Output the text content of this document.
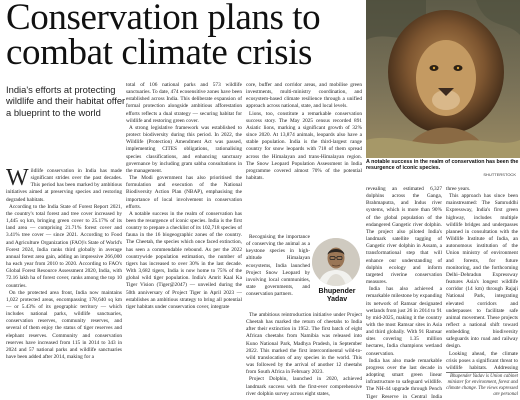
Conservation plans to
combat climate crisis
India's efforts at protecting wildlife and their habitat offer a blueprint to the world
W ildlife conservation in India has made significant strides over the past decades. This period has been marked by ambitious initiatives aimed at preserving species and restoring degraded habitats.

According to the India State of Forest Report 2021, the country's total forest and tree cover increased by 1,445 sq km, bringing green cover to 25.17% of its land area — comprising 21.71% forest cover and 3.41% tree cover — since 2021. According to Food and Agriculture Organization (FAO)'s State of World's Forest 2024, India ranks third globally in average annual forest area gain, adding an impressive 266,000 ha each year from 2010 to 2020. According to FAO's Global Forest Resource Assessment 2020, India, with 72.16 lakh ha of forest cover, ranks among the top 10 countries.

On the protected area front, India now maintains 1,022 protected areas, encompassing 178,640 sq km — or 5.43% of its geographic territory — which includes national parks, wildlife sanctuaries, conservation reserves, community reserves, and several of them enjoy the status of tiger reserves and elephant reserves. Community and conservation reserves have increased from 115 in 2014 to 343 in 2024 and 57 national parks and wildlife sanctuaries have been added after 2014, making for a

total of 106 national parks and 573 wildlife sanctuaries. To date, 474 ecosensitive zones have been established across India. This deliberate expansion of formal protection alongside ambitious afforestation efforts reflects a dual strategy — securing habitat for wildlife and restoring green cover.

A strong legislative framework was established to protect biodiversity during this period. In 2022, the Wildlife (Protection) Amendment Act was passed, implementing CITES obligations, rationalising species classifications, and enhancing sanctuary governance by including gram sabha consultations in the management.

The Modi government has also prioritised the formulation and execution of the National Biodiversity Action Plan (NBAP), emphasising the importance of local involvement in conservation efforts.

A notable success in the realm of conservation has been the resurgence of iconic species. India is the first country to prepare a checklist of its 102,718 species of fauna in the 16 biogeographic zones of the country. The Cheetah, the species which once faced extinction, has seen a commendable rebound. As per the 2022 countrywide population estimation, the number of tigers has increased to over 30% in the last decade. With 3,682 tigers, India is now home to 75% of the global wild tiger population. India's Amrit Kaal Ka Tiger Vision (Tiger@2047) — unveiled during the 50th anniversary of Project Tiger in April 2023 — establishes an ambitious strategy to bring all potential tiger habitats under conservation cover, integrate

core, buffer and corridor areas, and mobilise green investments, multi-ministry coordination, and ecosystem-based climate resilience through a unified approach across national, state, and local levels.

Lions, too, constitute a remarkable conservation success story. The May 2025 census recorded 891 Asiatic lions, marking a significant growth of 32% since 2020. At 13,874 animals, leopards also have a stable population. India is the third-largest range country for snow leopards with 718 of them spread across the Himalayan and trans-Himalayan region. The Snow Leopard Population Assessment in India programme covered almost 70% of the potential habitats.

Recognising the importance of conserving the animal as a keystone species in high-altitude Himalayan ecosystems, India launched Project Snow Leopard by involving local communities, state governments, and conservation partners.	Bhupender
Yadav

The ambitious reintroduction initiative under Project Cheetah has marked the return of cheetahs to India after their extinction in 1952. The first batch of eight African cheetahs from Namibia was released into Kuno National Park, Madhya Pradesh, in September 2022. This marked the first intercontinental wild-to-wild translocation of any species in the world. This was followed by the arrival of another 12 cheetahs from South Africa in February 2023.

Project Dolphin, launched in 2020, achieved landmark success with the first-ever comprehensive river dolphin survey across eight states,

A notable success in the realm of conservation has been the resurgence of iconic species.
SHUTTERSTOCK

revealing an estimated 6,327 dolphins across the Ganga, Brahmaputra, and Indus river systems, which is more than 90% of the global population of the endangered Gangetic river dolphin. The project also piloted India's landmark satellite tagging of Gangetic river dolphin in Assam, a transformational step that will enhance our understanding of dolphin ecology and inform targeted riverine conservation measures.

India has also achieved a remarkable milestone by expanding its network of Ramsar designated wetlands from just 26 in 2014 to 91 by mid-2025, making it the country with the most Ramsar sites in Asia and third globally. With 91 Ramsar sites covering 1.35 million hectares, India champions wetland conservation.

India has also made remarkable progress over the last decade in adopting smart green linear infrastructure to safeguard wildlife. The NH-44 upgrade through Pench Tiger Reserve in Central India

three years.

This approach has since been mainstreamed: The Samruddhi Expressway, India's first green highway, includes multiple wildlife bridges and underpasses planned in consultation with the Wildlife Institute of India, an autonomous institution of the Union ministry of environment and forests, for future monitoring, and the forthcoming Delhi–Dehradun Expressway features Asia's longest wildlife corridor (14 km) through Rajaji National Park, integrating elevated corridors and underpasses to facilitate safe animal movement. These projects reflect a national shift toward embedding biodiversity safeguards into road and railway design.

Looking ahead, the climate crisis poses a significant threat to wildlife habitats. Addressing

Bhupender Yadav is Union cabinet minister for environment, forest and climate change. The views expressed are personal
